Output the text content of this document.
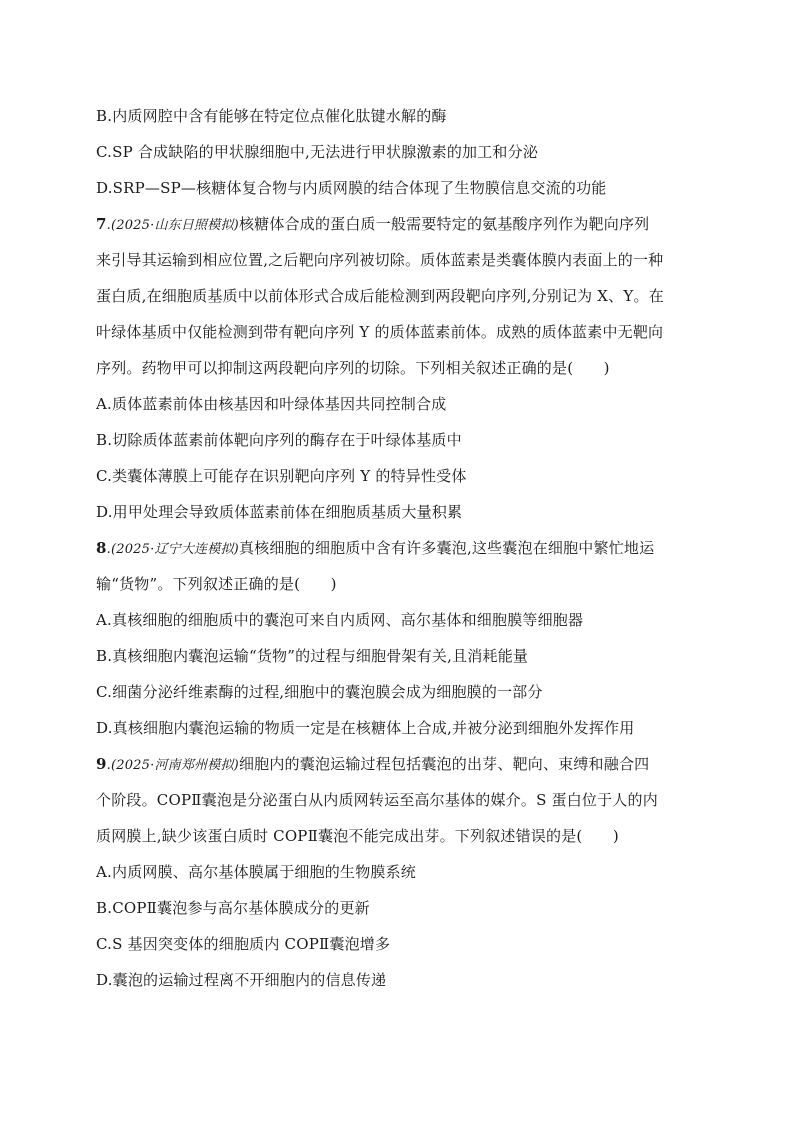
B.内质网腔中含有能够在特定位点催化肽键水解的酶
C.SP 合成缺陷的甲状腺细胞中,无法进行甲状腺激素的加工和分泌
D.SRP—SP—核糖体复合物与内质网膜的结合体现了生物膜信息交流的功能
7.(2025·山东日照模拟)核糖体合成的蛋白质一般需要特定的氨基酸序列作为靶向序列
来引导其运输到相应位置,之后靶向序列被切除。质体蓝素是类囊体膜内表面上的一种
蛋白质,在细胞质基质中以前体形式合成后能检测到两段靶向序列,分别记为 X、Y。在
叶绿体基质中仅能检测到带有靶向序列 Y 的质体蓝素前体。成熟的质体蓝素中无靶向
序列。药物甲可以抑制这两段靶向序列的切除。下列相关叙述正确的是(　　)
A.质体蓝素前体由核基因和叶绿体基因共同控制合成
B.切除质体蓝素前体靶向序列的酶存在于叶绿体基质中
C.类囊体薄膜上可能存在识别靶向序列 Y 的特异性受体
D.用甲处理会导致质体蓝素前体在细胞质基质大量积累
8.(2025·辽宁大连模拟)真核细胞的细胞质中含有许多囊泡,这些囊泡在细胞中繁忙地运
输“货物”。下列叙述正确的是(　　)
A.真核细胞的细胞质中的囊泡可来自内质网、高尔基体和细胞膜等细胞器
B.真核细胞内囊泡运输“货物”的过程与细胞骨架有关,且消耗能量
C.细菌分泌纤维素酶的过程,细胞中的囊泡膜会成为细胞膜的一部分
D.真核细胞内囊泡运输的物质一定是在核糖体上合成,并被分泌到细胞外发挥作用
9.(2025·河南郑州模拟)细胞内的囊泡运输过程包括囊泡的出芽、靶向、束缚和融合四
个阶段。COPⅡ囊泡是分泌蛋白从内质网转运至高尔基体的媒介。S 蛋白位于人的内
质网膜上,缺少该蛋白质时 COPⅡ囊泡不能完成出芽。下列叙述错误的是(　　)
A.内质网膜、高尔基体膜属于细胞的生物膜系统
B.COPⅡ囊泡参与高尔基体膜成分的更新
C.S 基因突变体的细胞质内 COPⅡ囊泡增多
D.囊泡的运输过程离不开细胞内的信息传递
